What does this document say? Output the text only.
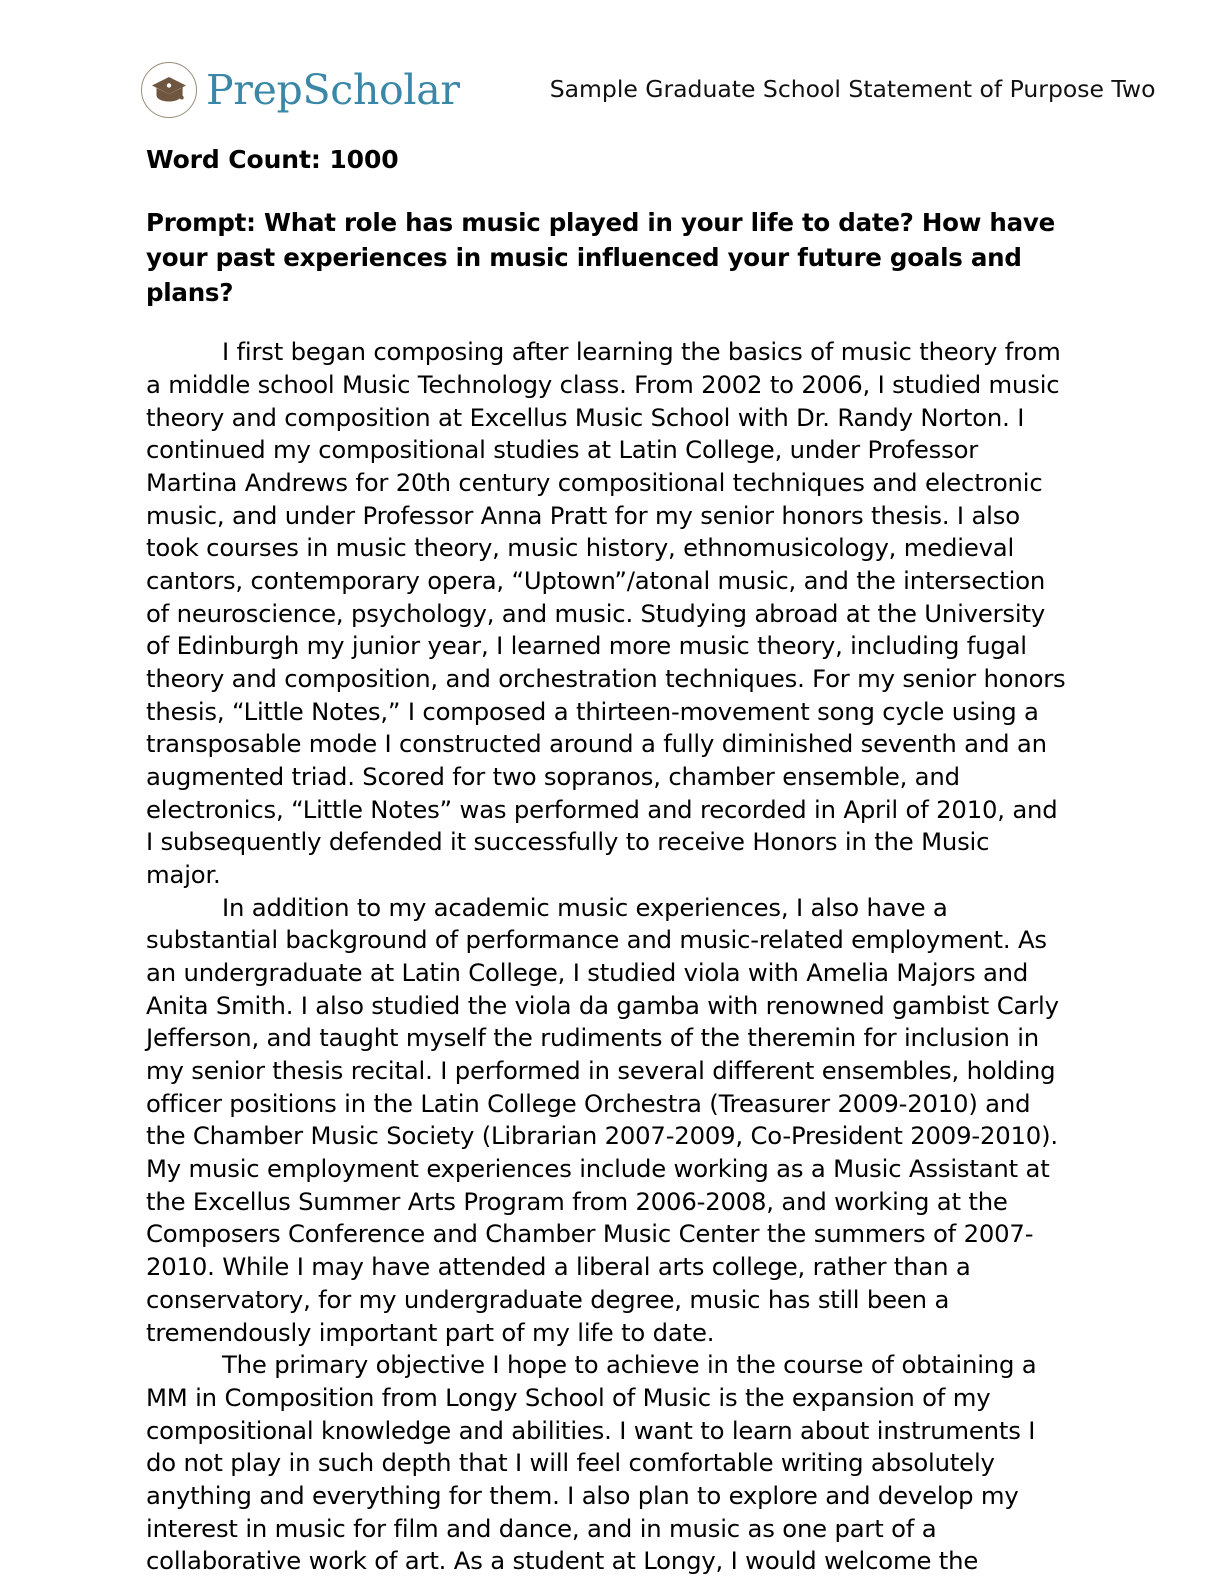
PrepScholar	Sample Graduate School Statement of Purpose Two

Word Count: 1000

Prompt: What role has music played in your life to date? How have your past experiences in music influenced your future goals and plans?

I first began composing after learning the basics of music theory from a middle school Music Technology class. From 2002 to 2006, I studied music theory and composition at Excellus Music School with Dr. Randy Norton. I continued my compositional studies at Latin College, under Professor Martina Andrews for 20th century compositional techniques and electronic music, and under Professor Anna Pratt for my senior honors thesis. I also took courses in music theory, music history, ethnomusicology, medieval cantors, contemporary opera, “Uptown”/atonal music, and the intersection of neuroscience, psychology, and music. Studying abroad at the University of Edinburgh my junior year, I learned more music theory, including fugal theory and composition, and orchestration techniques. For my senior honors thesis, “Little Notes,” I composed a thirteen-movement song cycle using a transposable mode I constructed around a fully diminished seventh and an augmented triad. Scored for two sopranos, chamber ensemble, and electronics, “Little Notes” was performed and recorded in April of 2010, and I subsequently defended it successfully to receive Honors in the Music major.

In addition to my academic music experiences, I also have a substantial background of performance and music-related employment. As an undergraduate at Latin College, I studied viola with Amelia Majors and Anita Smith. I also studied the viola da gamba with renowned gambist Carly Jefferson, and taught myself the rudiments of the theremin for inclusion in my senior thesis recital. I performed in several different ensembles, holding officer positions in the Latin College Orchestra (Treasurer 2009-2010) and the Chamber Music Society (Librarian 2007-2009, Co-President 2009-2010). My music employment experiences include working as a Music Assistant at the Excellus Summer Arts Program from 2006-2008, and working at the Composers Conference and Chamber Music Center the summers of 2007-2010. While I may have attended a liberal arts college, rather than a conservatory, for my undergraduate degree, music has still been a tremendously important part of my life to date.

The primary objective I hope to achieve in the course of obtaining a MM in Composition from Longy School of Music is the expansion of my compositional knowledge and abilities. I want to learn about instruments I do not play in such depth that I will feel comfortable writing absolutely anything and everything for them. I also plan to explore and develop my interest in music for film and dance, and in music as one part of a collaborative work of art. As a student at Longy, I would welcome the
